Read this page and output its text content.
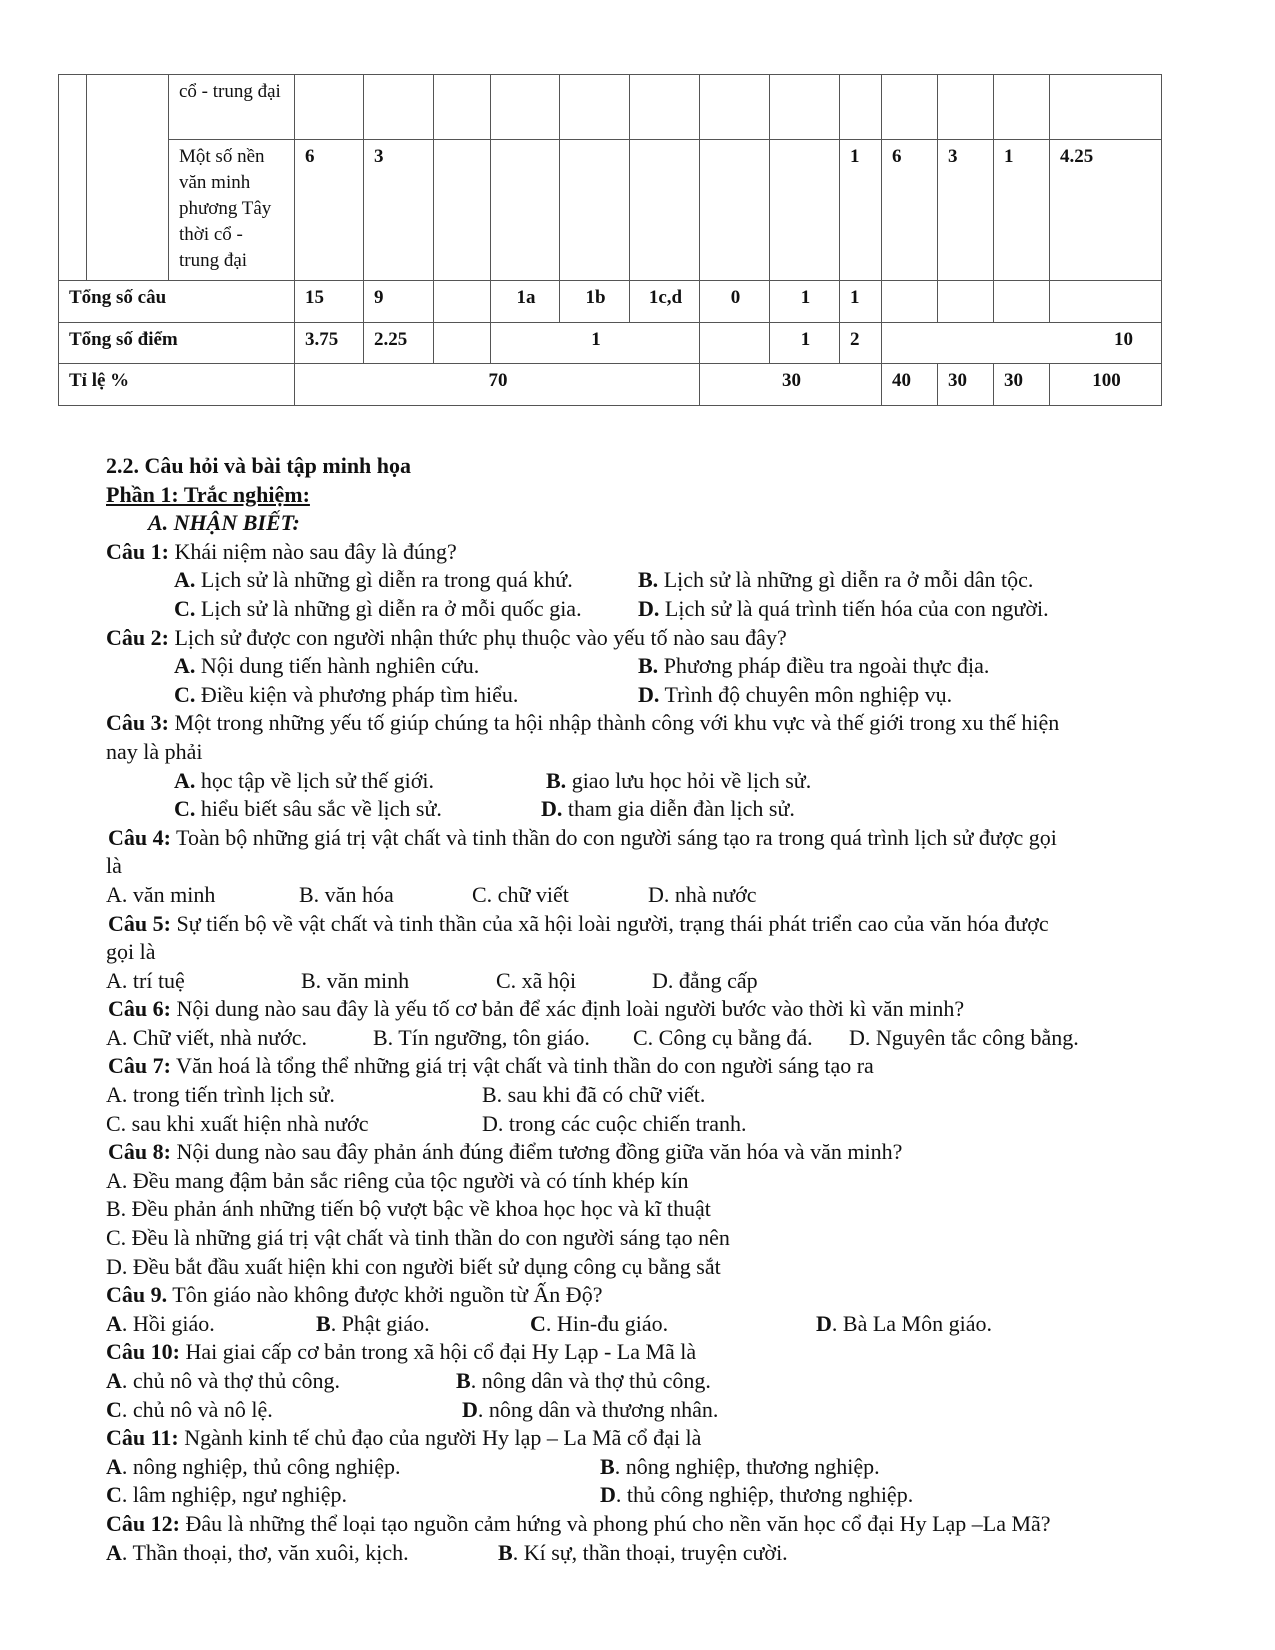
		cổ - trung đại													
		Một số nền văn minh phương Tây thời cổ - trung đại	6	3							1	6	3	1	4.25
Tổng số câu			15	9		1a	1b	1c,d	0	1	1				
Tổng số điểm			3.75	2.25		1				1	2	10			
Tỉ lệ %			70						30			40	30	30	100
2.2. Câu hỏi và bài tập minh họa
Phần 1: Trắc nghiệm:
A. NHẬN BIẾT:
Câu 1: Khái niệm nào sau đây là đúng?
A. Lịch sử là những gì diễn ra trong quá khứ.	B. Lịch sử là những gì diễn ra ở mỗi dân tộc.
C. Lịch sử là những gì diễn ra ở mỗi quốc gia.	D. Lịch sử là quá trình tiến hóa của con người.
Câu 2: Lịch sử được con người nhận thức phụ thuộc vào yếu tố nào sau đây?
A. Nội dung tiến hành nghiên cứu.	B. Phương pháp điều tra ngoài thực địa.
C. Điều kiện và phương pháp tìm hiểu.	D. Trình độ chuyên môn nghiệp vụ.
Câu 3: Một trong những yếu tố giúp chúng ta hội nhập thành công với khu vực và thế giới trong xu thế hiện
nay là phải
A. học tập về lịch sử thế giới.	B. giao lưu học hỏi về lịch sử.
C. hiểu biết sâu sắc về lịch sử.	D. tham gia diễn đàn lịch sử.
Câu 4: Toàn bộ những giá trị vật chất và tinh thần do con người sáng tạo ra trong quá trình lịch sử được gọi
là
A. văn minh	B. văn hóa	C. chữ viết	D. nhà nước
Câu 5: Sự tiến bộ về vật chất và tinh thần của xã hội loài người, trạng thái phát triển cao của văn hóa được
gọi là
A. trí tuệ	B. văn minh	C. xã hội	D. đẳng cấp
Câu 6: Nội dung nào sau đây là yếu tố cơ bản để xác định loài người bước vào thời kì văn minh?
A. Chữ viết, nhà nước.	B. Tín ngưỡng, tôn giáo. C. Công cụ bằng đá. D. Nguyên tắc công bằng.
Câu 7: Văn hoá là tổng thể những giá trị vật chất và tinh thần do con người sáng tạo ra
A. trong tiến trình lịch sử.	B. sau khi đã có chữ viết.
C. sau khi xuất hiện nhà nước	D. trong các cuộc chiến tranh.
Câu 8: Nội dung nào sau đây phản ánh đúng điểm tương đồng giữa văn hóa và văn minh?
A. Đều mang đậm bản sắc riêng của tộc người và có tính khép kín
B. Đều phản ánh những tiến bộ vượt bậc về khoa học học và kĩ thuật
C. Đều là những giá trị vật chất và tinh thần do con người sáng tạo nên
D. Đều bắt đầu xuất hiện khi con người biết sử dụng công cụ bằng sắt
Câu 9. Tôn giáo nào không được khởi nguồn từ Ấn Độ?
A. Hồi giáo.	B. Phật giáo.	C. Hin-đu giáo.	D. Bà La Môn giáo.
Câu 10: Hai giai cấp cơ bản trong xã hội cổ đại Hy Lạp - La Mã là
A. chủ nô và thợ thủ công.	B. nông dân và thợ thủ công.
C. chủ nô và nô lệ.	D. nông dân và thương nhân.
Câu 11: Ngành kinh tế chủ đạo của người Hy lạp – La Mã cổ đại là
A. nông nghiệp, thủ công nghiệp.	B. nông nghiệp, thương nghiệp.
C. lâm nghiệp, ngư nghiệp.	D. thủ công nghiệp, thương nghiệp.
Câu 12: Đâu là những thể loại tạo nguồn cảm hứng và phong phú cho nền văn học cổ đại Hy Lạp –La Mã?
A. Thần thoại, thơ, văn xuôi, kịch.	B. Kí sự, thần thoại, truyện cười.
